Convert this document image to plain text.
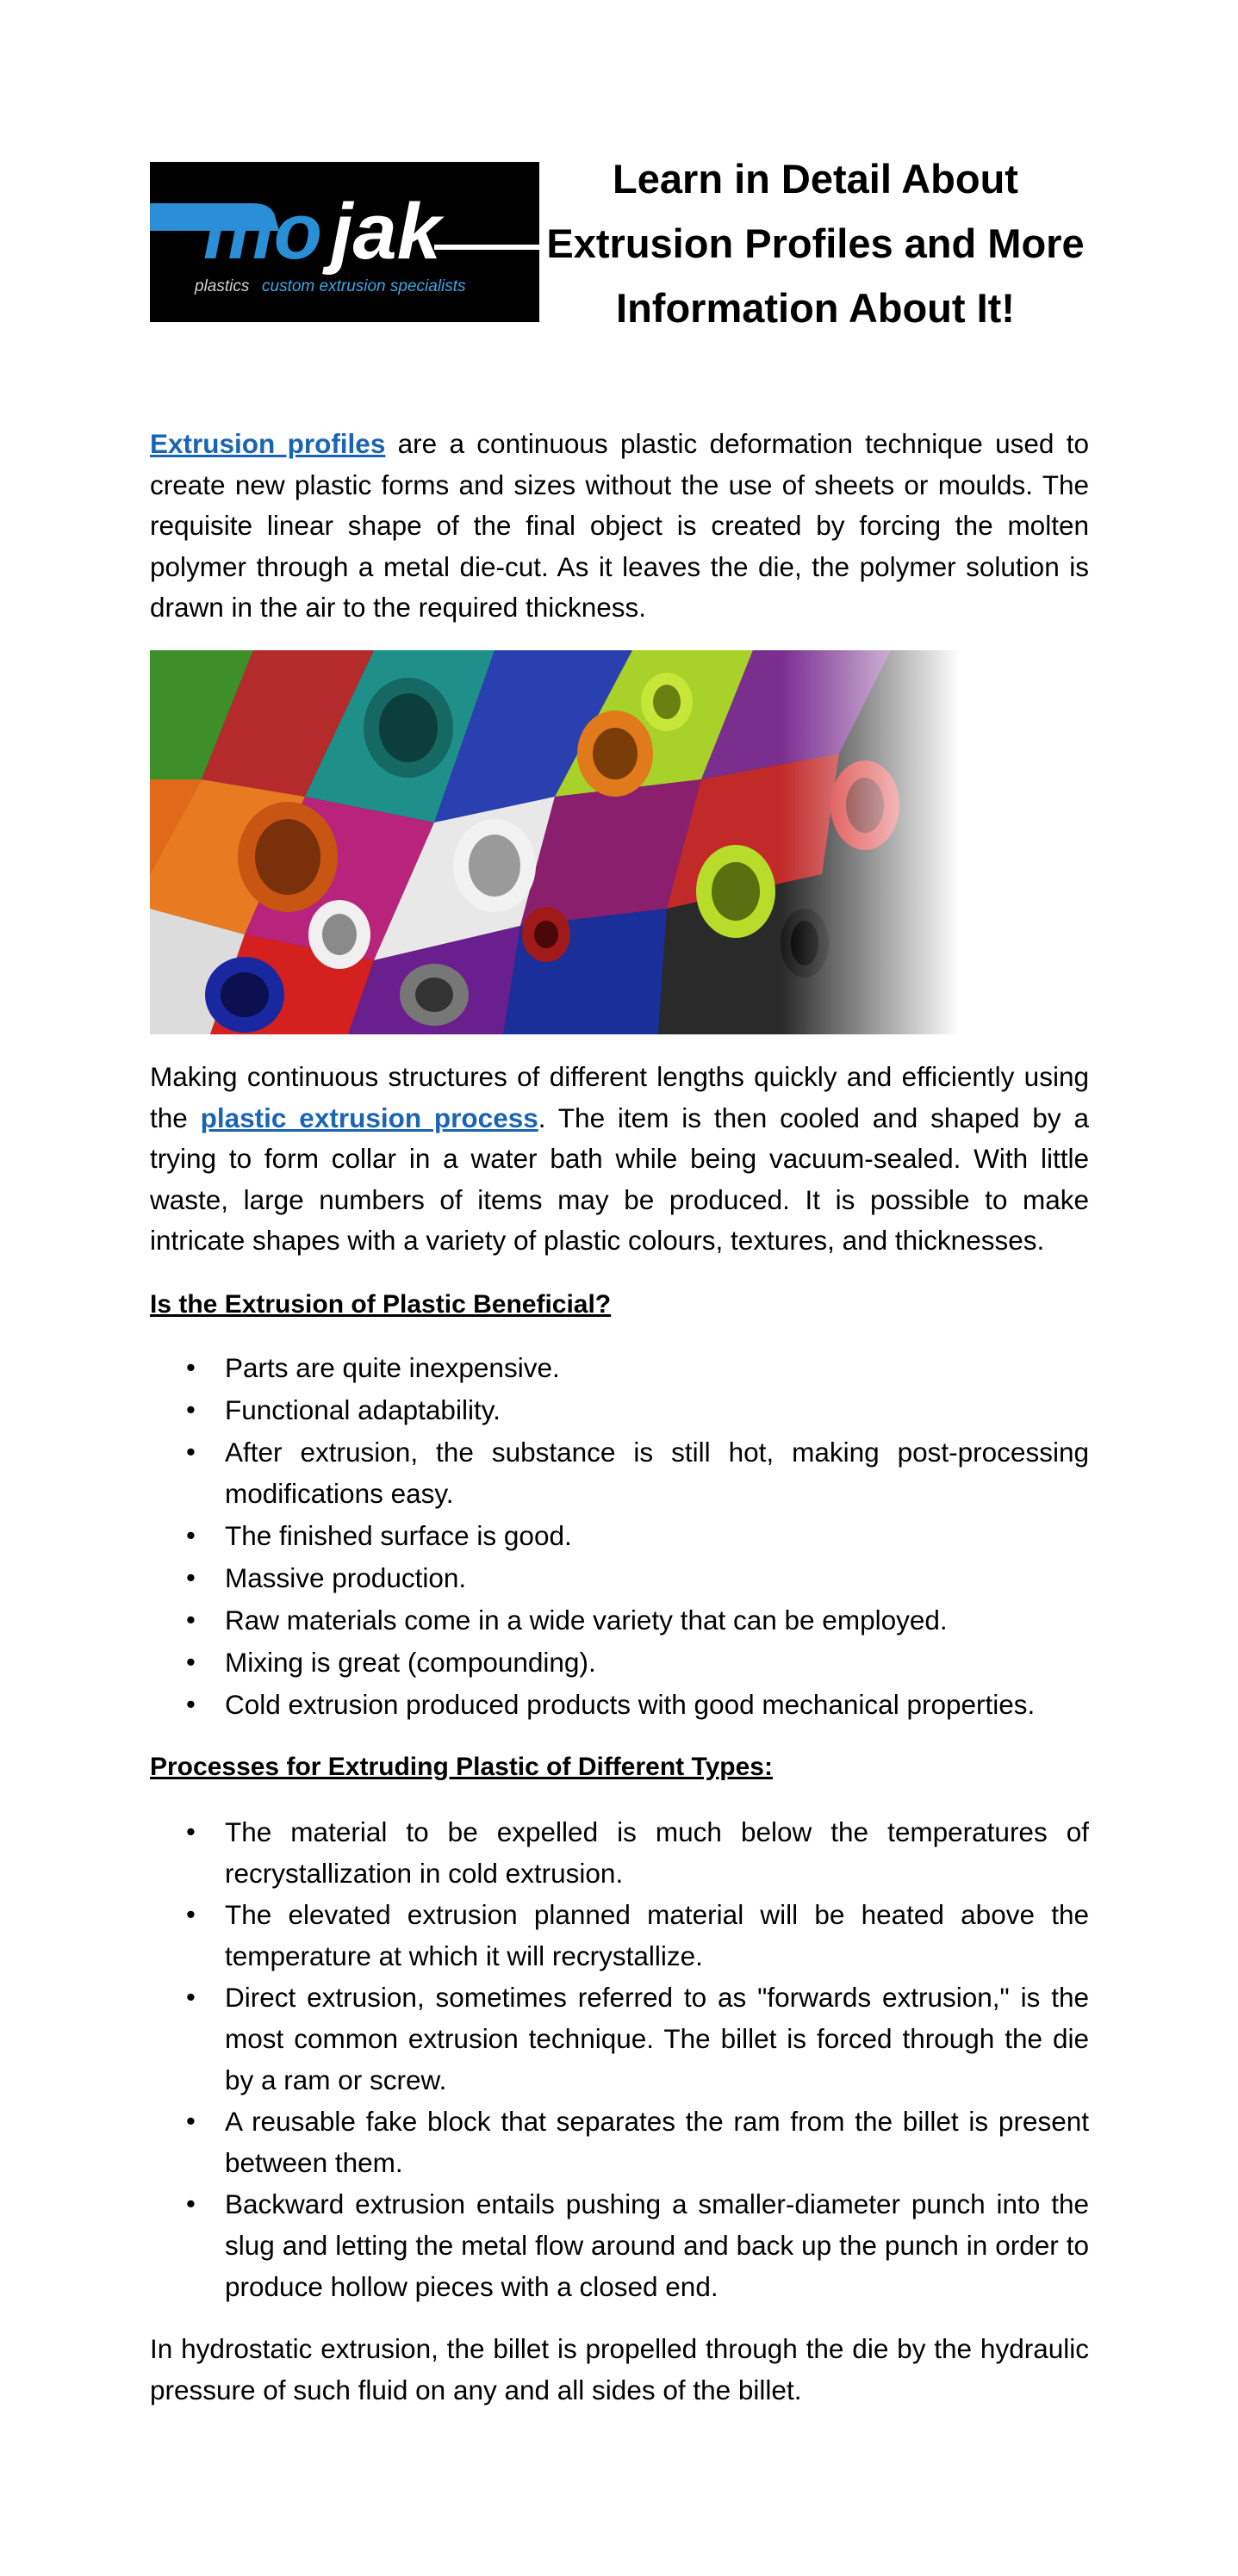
mo jak
plastics custom extrusion specialists
Learn in Detail About Extrusion Profiles and More Information About It!

Extrusion profiles are a continuous plastic deformation technique used to create new plastic forms and sizes without the use of sheets or moulds. The requisite linear shape of the final object is created by forcing the molten polymer through a metal die-cut. As it leaves the die, the polymer solution is drawn in the air to the required thickness.

Making continuous structures of different lengths quickly and efficiently using the plastic extrusion process. The item is then cooled and shaped by a trying to form collar in a water bath while being vacuum-sealed. With little waste, large numbers of items may be produced. It is possible to make intricate shapes with a variety of plastic colours, textures, and thicknesses.

Is the Extrusion of Plastic Beneficial?
• Parts are quite inexpensive.
• Functional adaptability.
• After extrusion, the substance is still hot, making post-processing modifications easy.
• The finished surface is good.
• Massive production.
• Raw materials come in a wide variety that can be employed.
• Mixing is great (compounding).
• Cold extrusion produced products with good mechanical properties.
Processes for Extruding Plastic of Different Types:
• The material to be expelled is much below the temperatures of recrystallization in cold extrusion.
• The elevated extrusion planned material will be heated above the temperature at which it will recrystallize.
• Direct extrusion, sometimes referred to as "forwards extrusion," is the most common extrusion technique. The billet is forced through the die by a ram or screw.
• A reusable fake block that separates the ram from the billet is present between them.
• Backward extrusion entails pushing a smaller-diameter punch into the slug and letting the metal flow around and back up the punch in order to produce hollow pieces with a closed end.

In hydrostatic extrusion, the billet is propelled through the die by the hydraulic pressure of such fluid on any and all sides of the billet.
